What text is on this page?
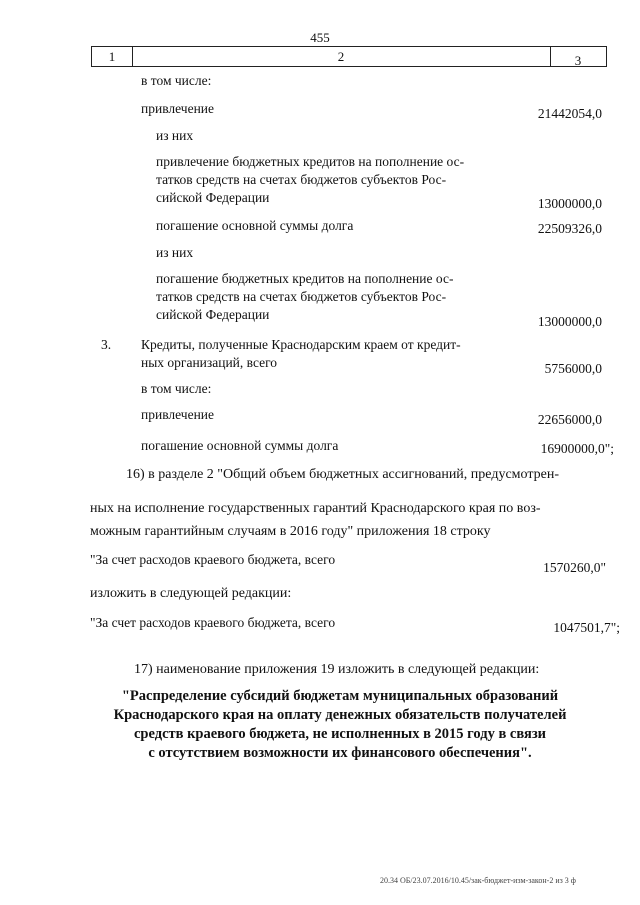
455
1	2	3
в том числе:
привлечение	21442054,0
из них
привлечение бюджетных кредитов на пополнение ос-
татков средств на счетах бюджетов субъектов Рос-
сийской Федерации	13000000,0
погашение основной суммы долга	22509326,0
из них
погашение бюджетных кредитов на пополнение ос-
татков средств на счетах бюджетов субъектов Рос-
сийской Федерации	13000000,0
3. Кредиты, полученные Краснодарским краем от кредит-
ных организаций, всего	5756000,0
в том числе:
привлечение	22656000,0
погашение основной суммы долга	16900000,0";
16) в разделе 2 "Общий объем бюджетных ассигнований, предусмотрен-
ных на исполнение государственных гарантий Краснодарского края по воз-
можным гарантийным случаям в 2016 году" приложения 18 строку
"За счет расходов краевого бюджета, всего
1570260,0"
изложить в следующей редакции:
"За счет расходов краевого бюджета, всего	1047501,7";
17) наименование приложения 19 изложить в следующей редакции:
"Распределение субсидий бюджетам муниципальных образований
Краснодарского края на оплату денежных обязательств получателей
средств краевого бюджета, не исполненных в 2015 году в связи
с отсутствием возможности их финансового обеспечения".
20.34 ОБ/23.07.2016/10.45/зак-бюджет-изм-закон-2 из 3 ф
